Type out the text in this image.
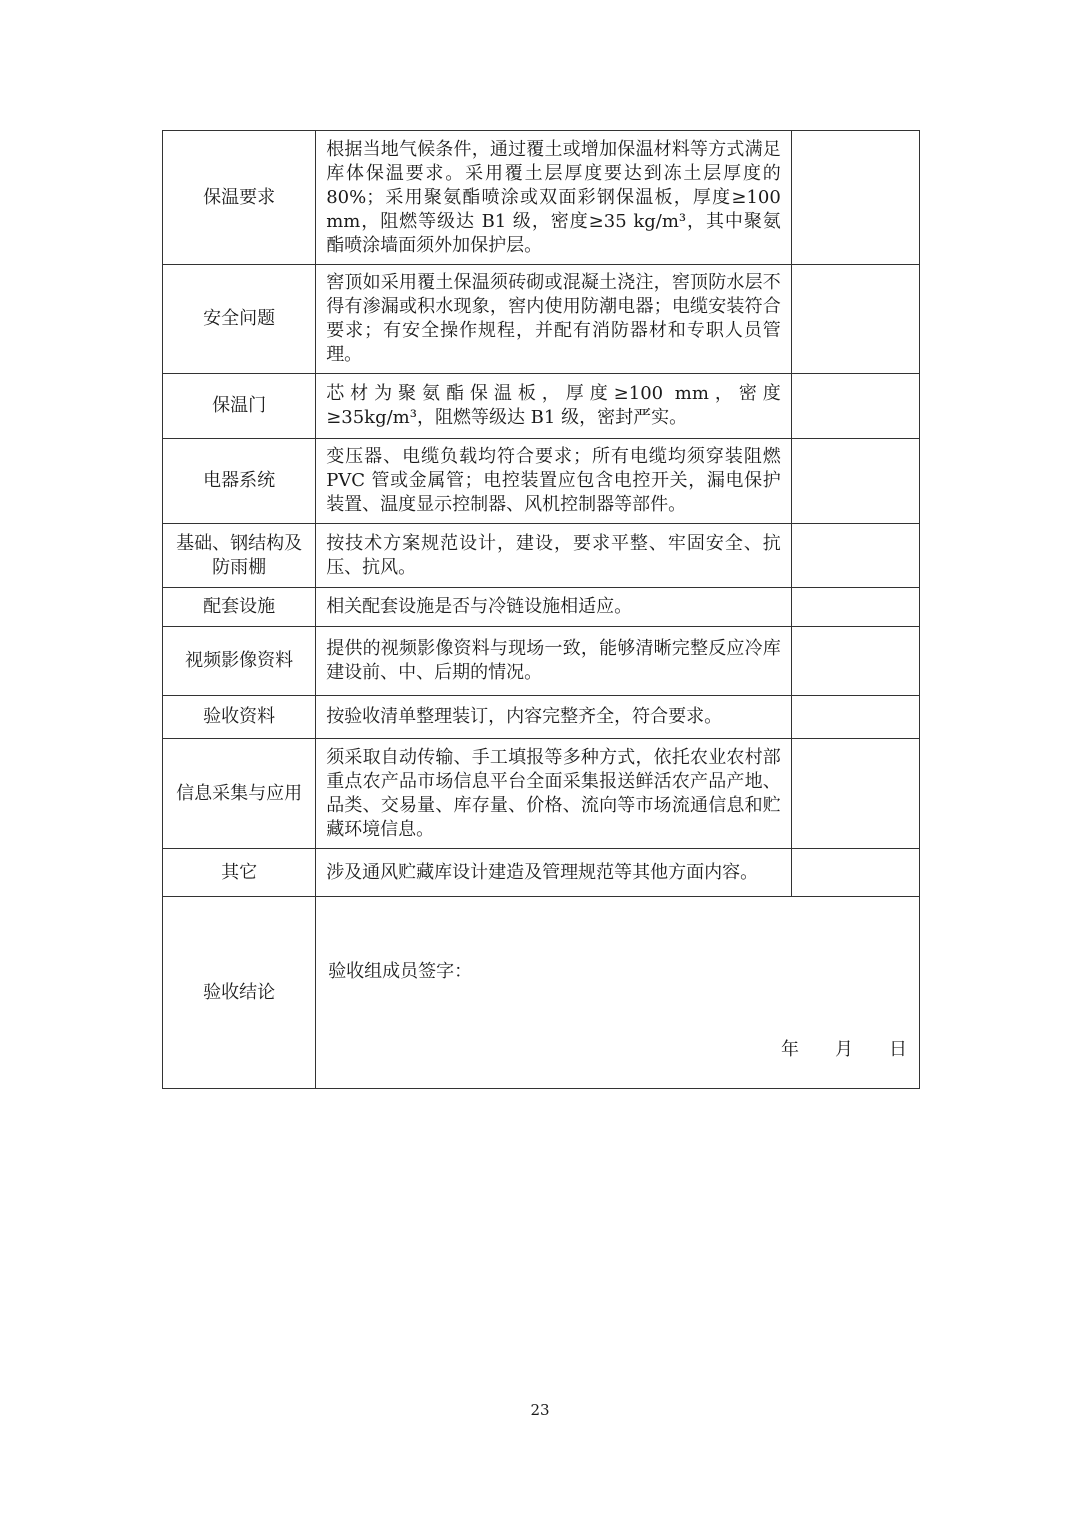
保温要求	根据当地气候条件，通过覆土或增加保温材料等方式满足库体保温要求。采用覆土层厚度要达到冻土层厚度的 80%；采用聚氨酯喷涂或双面彩钢保温板，厚度≥100 mm，阻燃等级达 B1 级，密度≥35 kg/m³，其中聚氨酯喷涂墙面须外加保护层。	
安全问题	窖顶如采用覆土保温须砖砌或混凝土浇注，窖顶防水层不得有渗漏或积水现象，窖内使用防潮电器；电缆安装符合要求；有安全操作规程，并配有消防器材和专职人员管理。	
保温门	芯材为聚氨酯保温板，厚度≥100 mm，密度≥35kg/m³，阻燃等级达 B1 级，密封严实。	
电器系统	变压器、电缆负载均符合要求；所有电缆均须穿装阻燃 PVC 管或金属管；电控装置应包含电控开关，漏电保护装置、温度显示控制器、风机控制器等部件。	
基础、钢结构及防雨棚	按技术方案规范设计，建设，要求平整、牢固安全、抗压、抗风。	
配套设施	相关配套设施是否与冷链设施相适应。	
视频影像资料	提供的视频影像资料与现场一致，能够清晰完整反应冷库建设前、中、后期的情况。	
验收资料	按验收清单整理装订，内容完整齐全，符合要求。	
信息采集与应用	须采取自动传输、手工填报等多种方式，依托农业农村部重点农产品市场信息平台全面采集报送鲜活农产品产地、品类、交易量、库存量、价格、流向等市场流通信息和贮藏环境信息。	
其它	涉及通风贮藏库设计建造及管理规范等其他方面内容。	
验收结论	验收组成员签字：
年 月 日	
23
